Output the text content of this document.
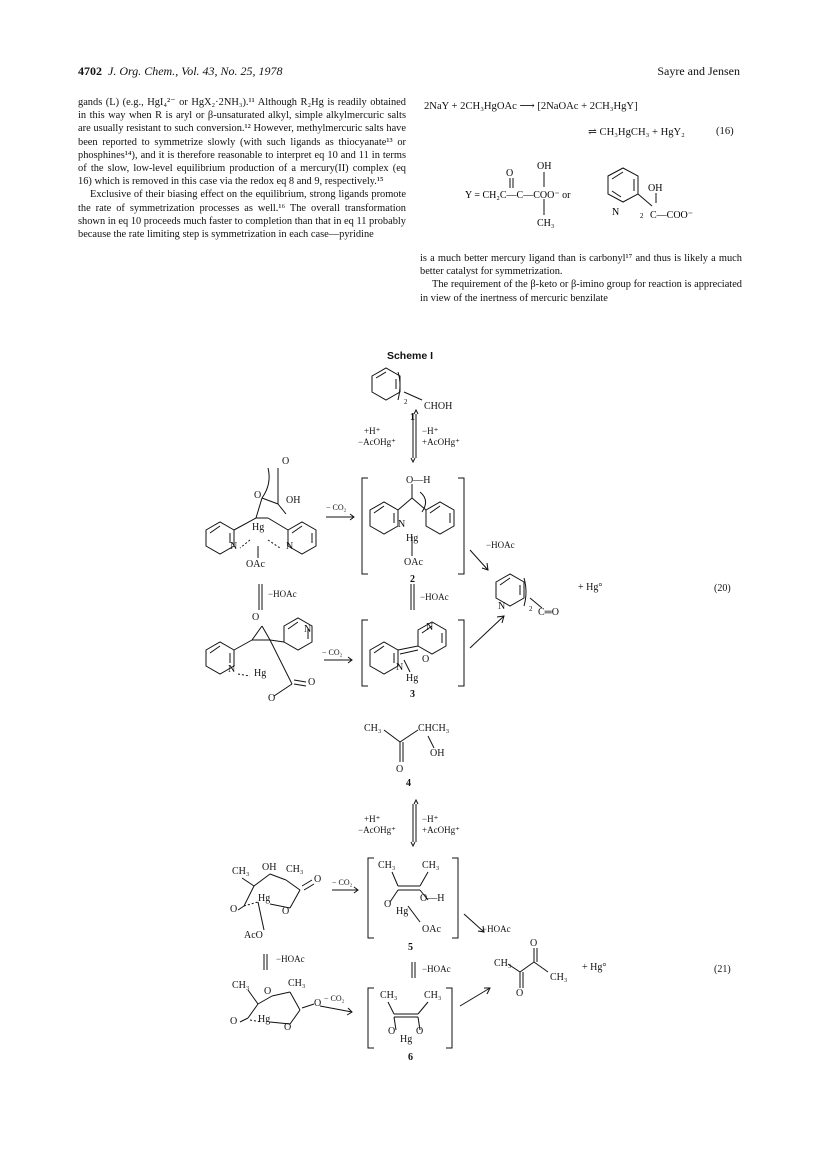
4702 J. Org. Chem., Vol. 43, No. 25, 1978	Sayre and Jensen

gands (L) (e.g., HgI₄²⁻ or HgX₂·2NH₃).¹¹ Although R₂Hg is readily obtained in this way when R is aryl or β-unsaturated alkyl, simple alkylmercuric salts are usually resistant to such conversion.¹² However, methylmercuric salts have been reported to symmetrize slowly (with such ligands as thiocyanate¹³ or phosphines¹⁴), and it is therefore reasonable to interpret eq 10 and 11 in terms of the slow, low-level equilibrium production of a mercury(II) complex (eq 16) which is removed in this case via the redox eq 8 and 9, respectively.¹⁵

Exclusive of their biasing effect on the equilibrium, strong ligands promote the rate of symmetrization processes as well.¹⁶ The overall transformation shown in eq 10 proceeds much faster to completion than that in eq 11 probably because the rate limiting step is symmetrization in each case—pyridine

2NaY + 2CH₃HgOAc ⟶ [2NaOAc + 2CH₃HgY]
⇌ CH₃HgCH₃ + HgY₂	(16)
O
OH
Y = CH₂C—C—COO⁻ or
CH₃
OH
N	2 C—COO⁻

is a much better mercury ligand than is carbonyl¹⁷ and thus is likely a much better catalyst for symmetrization.

The requirement of the β-keto or β-imino group for reaction is appreciated in view of the inertness of mercuric benzilate

Scheme I
CHOH
2
1
+H⁺
−AcOHg⁺
−H⁺
+AcOHg⁺
O
O OH
Hg
N	N
OAc
− CO₂
O—H
N
Hg
OAc
2
−HOAc
−HOAc	−HOAc
N	2 C═O
+ Hg°	(20)
O
N
N Hg
O
O
− CO₂
N
N
Hg
O
3
CH₃	CHCH₃
OH
O
4
+H⁺
−AcOHg⁺
−H⁺
+AcOHg⁺
CH₃ OH CH₃
O
Hg
O	O
AcO
− CO₂
CH₃	CH₃
O—H
O
Hg
OAc
5
−HOAc
−HOAc
−HOAc	CH₃
O
O
CH₃
+ Hg°	(21)
CH₃
O
CH₃
O
O Hg
O
− CO₂	CH₃	CH₃
O O
Hg
6
